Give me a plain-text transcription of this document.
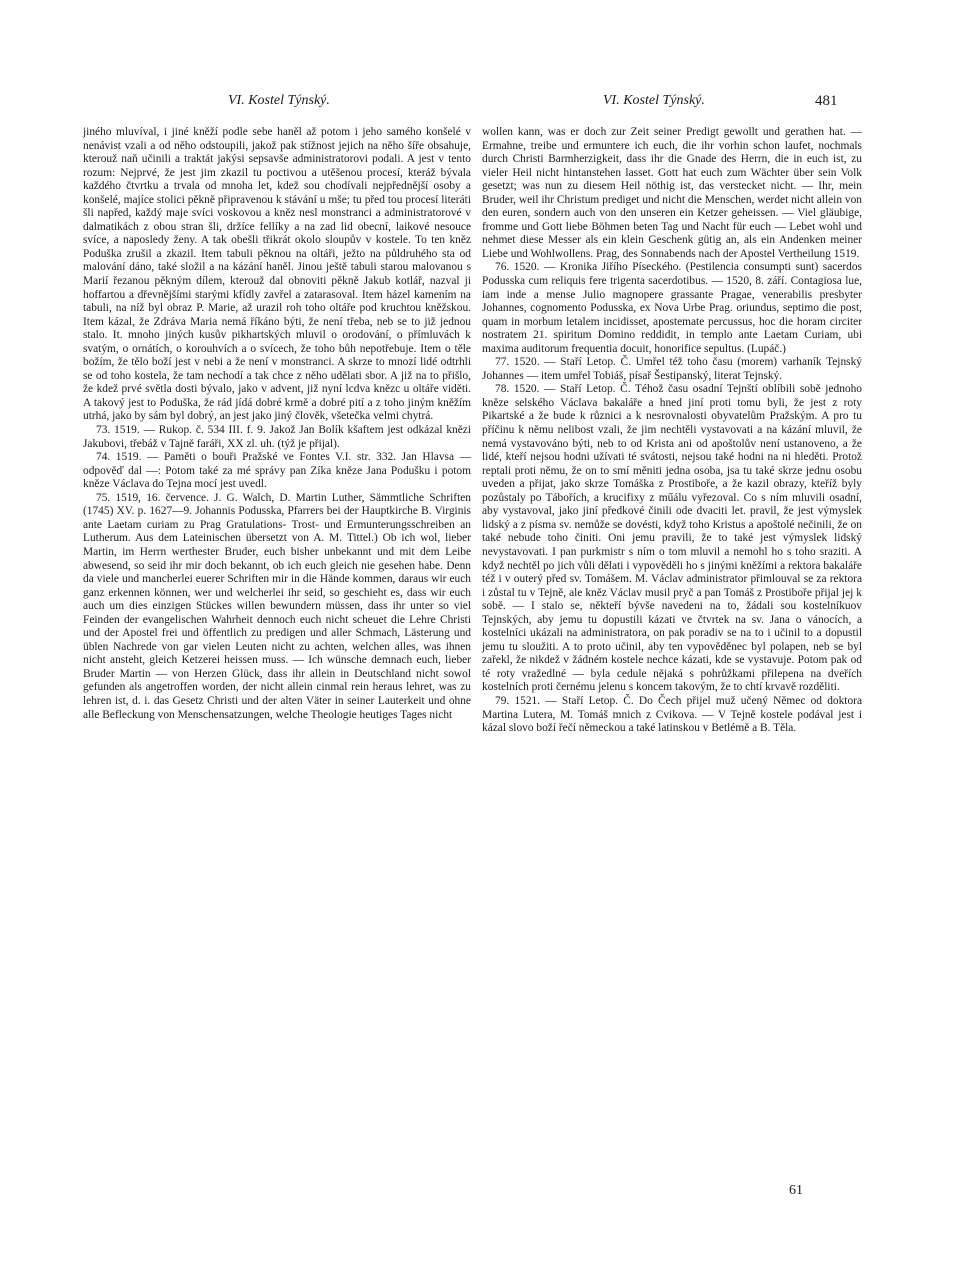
VI. Kostel Týnský.	VI. Kostel Týnský.	481

jiného mluvíval, i jiné kněží podle sebe haněl až potom i jeho samého konšelé v nenávist vzali a od něho odstoupili, jakož pak stížnost jejich na něho šíře obsahuje, kterouž naň učinili a traktát jakýsi sepsavše administratorovi podali. A jest v tento rozum: Nejprvé, že jest jim zkazil tu poctivou a utěšenou procesí, kteráž bývala každého čtvrtku a trvala od mnoha let, kdež sou chodívali nejpřednější osoby a konšelé, majíce stolici pěkně připravenou k stávání u mše; tu před tou procesí literáti šli napřed, každý maje svíci voskovou a kněz nesl monstranci a administratorové v dalmatikách z obou stran šli, držíce fellíky a na zad lid obecní, laikové nesouce svíce, a naposledy ženy. A tak obešli třikrát okolo sloupův v kostele. To ten kněz Poduška zrušil a zkazil. Item tabuli pěknou na oltáři, ježto na půldruhého sta od malování dáno, také složil a na kázání haněl. Jinou ještě tabuli starou malovanou s Marií řezanou pěkným dílem, kterouž dal obnoviti pěkně Jakub kotlář, nazval ji hoffartou a dřevnějšími starými kfídly zavřel a zatarasoval. Item házel kamením na tabuli, na níž byl obraz P. Marie, až urazil roh toho oltáře pod kruchtou kněžskou. Item kázal, že Zdráva Maria nemá říkáno býti, že není třeba, neb se to již jednou stalo. It. mnoho jiných kusův pikhartských mluvil o orodování, o přímluvách k svatým, o ornátích, o korouhvích a o svícech, že toho bůh nepotřebuje. Item o těle božím, že tělo boží jest v nebi a že není v monstranci. A skrze to mnozí lidé odtrhli se od toho kostela, že tam nechodí a tak chce z něho udělati sbor. A již na to přišlo, že kdež prvé světla dosti bývalo, jako v advent, již nyní lcdva knězc u oltáře viděti. A takový jest to Poduška, že rád jídá dobré krmě a dobré pití a z toho jiným kněžím utrhá, jako by sám byl dobrý, an jest jako jiný člověk, všetečka velmi chytrá.

73. 1519. — Rukop. č. 534 III. f. 9. Jakož Jan Bolík kšaftem jest odkázal knězi Jakubovi, třebáž v Tajně faráři, XX zl. uh. (týž je přijal).

74. 1519. — Paměti o bouři Pražské ve Fontes V.I. str. 332. Jan Hlavsa — odpověď dal —: Potom také za mé správy pan Zíka kněze Jana Podušku i potom kněze Václava do Tejna mocí jest uvedl.

75. 1519, 16. července. J. G. Walch, D. Martin Luther, Sämmtliche Schriften (1745) XV. p. 1627—9. Johannis Podusska, Pfarrers bei der Hauptkirche B. Virginis ante Laetam curiam zu Prag Gratulations- Trost- und Ermunterungsschreiben an Lutherum. Aus dem Lateinischen übersetzt von A. M. Tittel.) Ob ich wol, lieber Martin, im Herrn werthester Bruder, euch bisher unbekannt und mit dem Leibe abwesend, so seid ihr mir doch bekannt, ob ich euch gleich nie gesehen habe. Denn da viele und mancherlei euerer Schriften mir in die Hände kommen, daraus wir euch ganz erkennen können, wer und welcherlei ihr seid, so geschieht es, dass wir euch auch um dies einzigen Stückes willen bewundern müssen, dass ihr unter so viel Feinden der evangelischen Wahrheit dennoch euch nicht scheuet die Lehre Christi und der Apostel frei und öffentlich zu predigen und aller Schmach, Lästerung und üblen Nachrede von gar vielen Leuten nicht zu achten, welchen alles, was ihnen nicht ansteht, gleich Ketzerei heissen muss. — Ich wünsche demnach euch, lieber Bruder Martin — von Herzen Glück, dass ihr allein in Deutschland nicht sowol gefunden als angetroffen worden, der nicht allein cinmal rein heraus lehret, was zu lehren ist, d. i. das Gesetz Christi und der alten Väter in seiner Lauterkeit und ohne alle Befleckung von Menschensatzungen, welche Theologie heutiges Tages nicht

wollen kann, was er doch zur Zeit seiner Predigt gewollt und gerathen hat. — Ermahne, treibe und ermuntere ich euch, die ihr vorhin schon laufet, nochmals durch Christi Barmherzigkeit, dass ihr die Gnade des Herrn, die in euch ist, zu vieler Heil nicht hintanstehen lasset. Gott hat euch zum Wächter über sein Volk gesetzt; was nun zu diesem Heil nöthig ist, das verstecket nicht. — Ihr, mein Bruder, weil ihr Christum prediget und nicht die Menschen, werdet nicht allein von den euren, sondern auch von den unseren ein Ketzer geheissen. — Viel gläubige, fromme und Gott liebe Böhmen beten Tag und Nacht für euch — Lebet wohl und nehmet diese Messer als ein klein Geschenk gütig an, als ein Andenken meiner Liebe und Wohlwollens. Prag, des Sonnabends nach der Apostel Vertheilung 1519.

76. 1520. — Kronika Jiřího Píseckého. (Pestilencia consumpti sunt) sacerdos Podusska cum reliquis fere trigenta sacerdotibus. — 1520, 8. září. Contagiosa lue, iam inde a mense Julio magnopere grassante Pragae, venerabilis presbyter Johannes, cognomento Podusska, ex Nova Urbe Prag. oriundus, septimo die post, quam in morbum letalem incidisset, apostemate percussus, hoc die horam circiter nostratem 21. spiritum Domino reddidit, in templo ante Laetam Curiam, ubi maxima auditorum frequentia docuit, honorifice sepultus. (Lupáč.)

77. 1520. — Staří Letop. Č. Umřel též toho času (morem) varhaník Tejnský Johannes — item umřel Tobiáš, písař Šestipanský, literat Tejnský.

78. 1520. — Staří Letop. Č. Téhož času osadní Tejnští oblíbili sobě jednoho kněze selského Václava bakaláře a hned jiní proti tomu byli, že jest z roty Pikartské a že bude k různici a k nesrovnalosti obyvatelům Pražským. A pro tu příčinu k němu nelibost vzali, že jim nechtěli vystavovati a na kázání mluvil, že nemá vystavováno býti, neb to od Krista ani od apoštolův není ustanoveno, a že lidé, kteří nejsou hodni užívati té svátosti, nejsou také hodni na ni hleděti. Protož reptali proti němu, že on to smí měniti jedna osoba, jsa tu také skrze jednu osobu uveden a přijat, jako skrze Tomáška z Prostiboře, a že kazil obrazy, kteříž byly pozůstaly po Tábořích, a krucifixy z műálu vyřezoval. Co s ním mluvili osadní, aby vystavoval, jako jiní předkové činili ode dvaciti let. pravil, že jest výmyslek lidský a z písma sv. nemůže se dovésti, když toho Kristus a apoštolé nečinili, že on také nebude toho činiti. Oni jemu pravili, že to také jest výmyslek lidský nevystavovati. I pan purkmistr s ním o tom mluvil a nemohl ho s toho sraziti. A když nechtěl po jich vůli dělati i vypověděli ho s jinými kněžími a rektora bakaláře též i v outerý před sv. Tomášem. M. Václav administrator přimlouval se za rektora i zůstal tu v Tejně, ale kněz Václav musil pryč a pan Tomáš z Prostiboře přijal jej k sobě. — I stalo se, někteří bývše navedeni na to, žádali sou kostelníkuov Tejnských, aby jemu tu dopustili kázati ve čtvrtek na sv. Jana o vánocích, a kostelníci ukázali na administratora, on pak poradiv se na to i učinil to a dopustil jemu tu sloužiti. A to proto učinil, aby ten vypověděnec byl polapen, neb se byl zařekl, že nikdež v žádném kostele nechce kázati, kde se vystavuje. Potom pak od té roty vražedlné — byla cedule nějaká s pohrůžkami přilepena na dveřích kostelních proti černému jelenu s koncem takovým, že to chtí krvavě rozděliti.

79. 1521. — Staří Letop. Č. Do Čech přijel muž učený Němec od doktora Martina Lutera, M. Tomáš mnich z Cvikova. — V Tejně kostele podával jest i kázal slovo boží řečí německou a také latinskou v Betlémě a B. Těla.

61
